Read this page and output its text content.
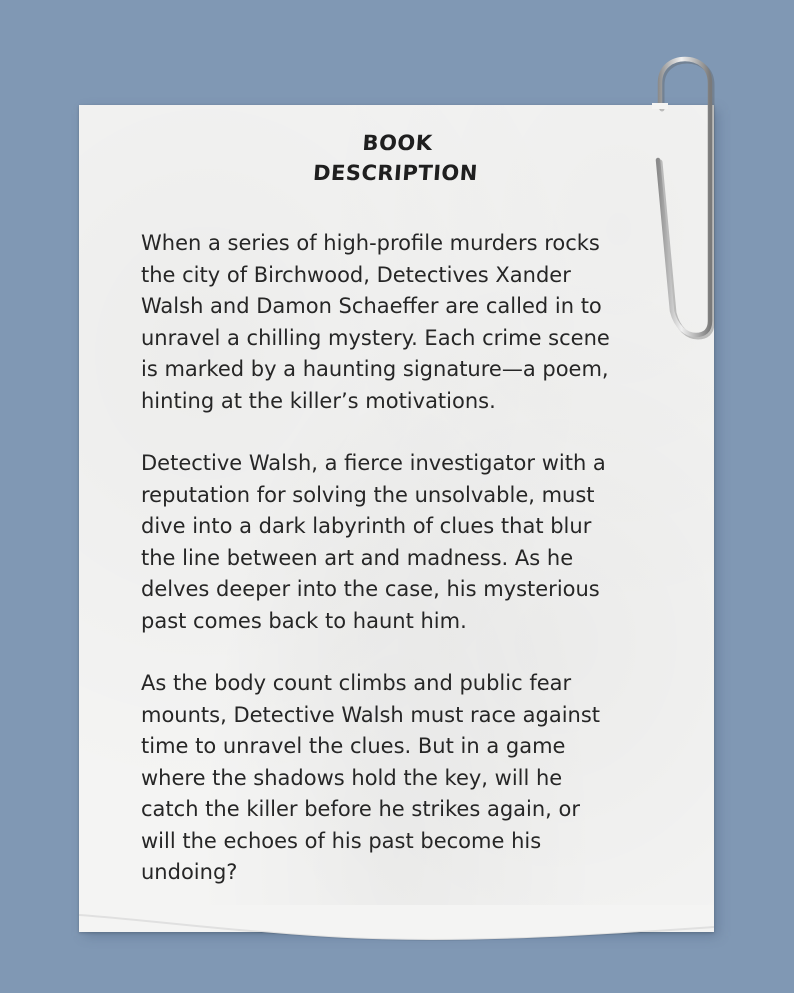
BOOK
DESCRIPTION

When a series of high-profile murders rocks
the city of Birchwood, Detectives Xander
Walsh and Damon Schaeffer are called in to
unravel a chilling mystery. Each crime scene
is marked by a haunting signature—a poem,
hinting at the killer’s motivations.

Detective Walsh, a fierce investigator with a
reputation for solving the unsolvable, must
dive into a dark labyrinth of clues that blur
the line between art and madness. As he
delves deeper into the case, his mysterious
past comes back to haunt him.

As the body count climbs and public fear
mounts, Detective Walsh must race against
time to unravel the clues. But in a game
where the shadows hold the key, will he
catch the killer before he strikes again, or
will the echoes of his past become his
undoing?
